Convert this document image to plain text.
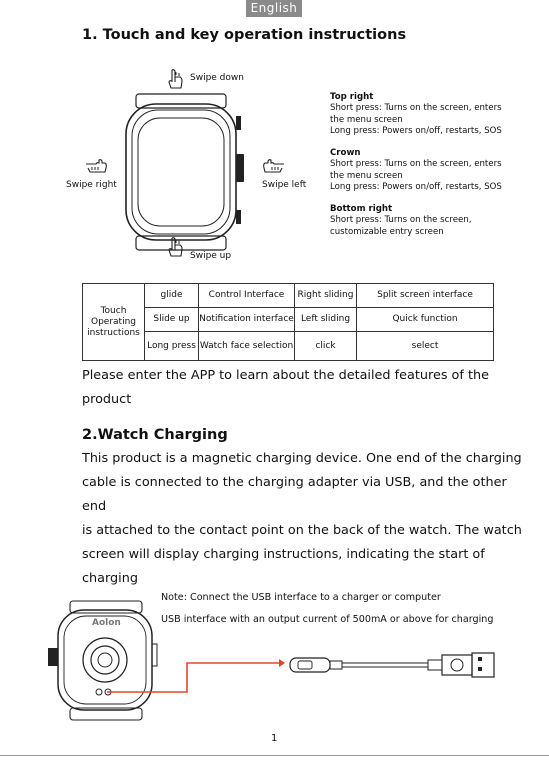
English
1. Touch and key operation instructions
Swipe down
Swipe right	Swipe left
Swipe up
Top right
Short press: Turns on the screen, enters
the menu screen
Long press: Powers on/off, restarts, SOS
Crown
Short press: Turns on the screen, enters
the menu screen
Long press: Powers on/off, restarts, SOS
Bottom right
Short press: Turns on the screen,
customizable entry screen
Touch
Operating
instructions	glide	Control Interface	Right sliding	Split screen interface
	Slide up	Notification interface	Left sliding	Quick function
	Long press	Watch face selection	click	select
Please enter the APP to learn about the detailed features of the
product
2.Watch Charging
This product is a magnetic charging device. One end of the charging
cable is connected to the charging adapter via USB, and the other end
is attached to the contact point on the back of the watch. The watch
screen will display charging instructions, indicating the start of
charging
Note: Connect the USB interface to a charger or computer
USB interface with an output current of 500mA or above for charging
Aolon
1
